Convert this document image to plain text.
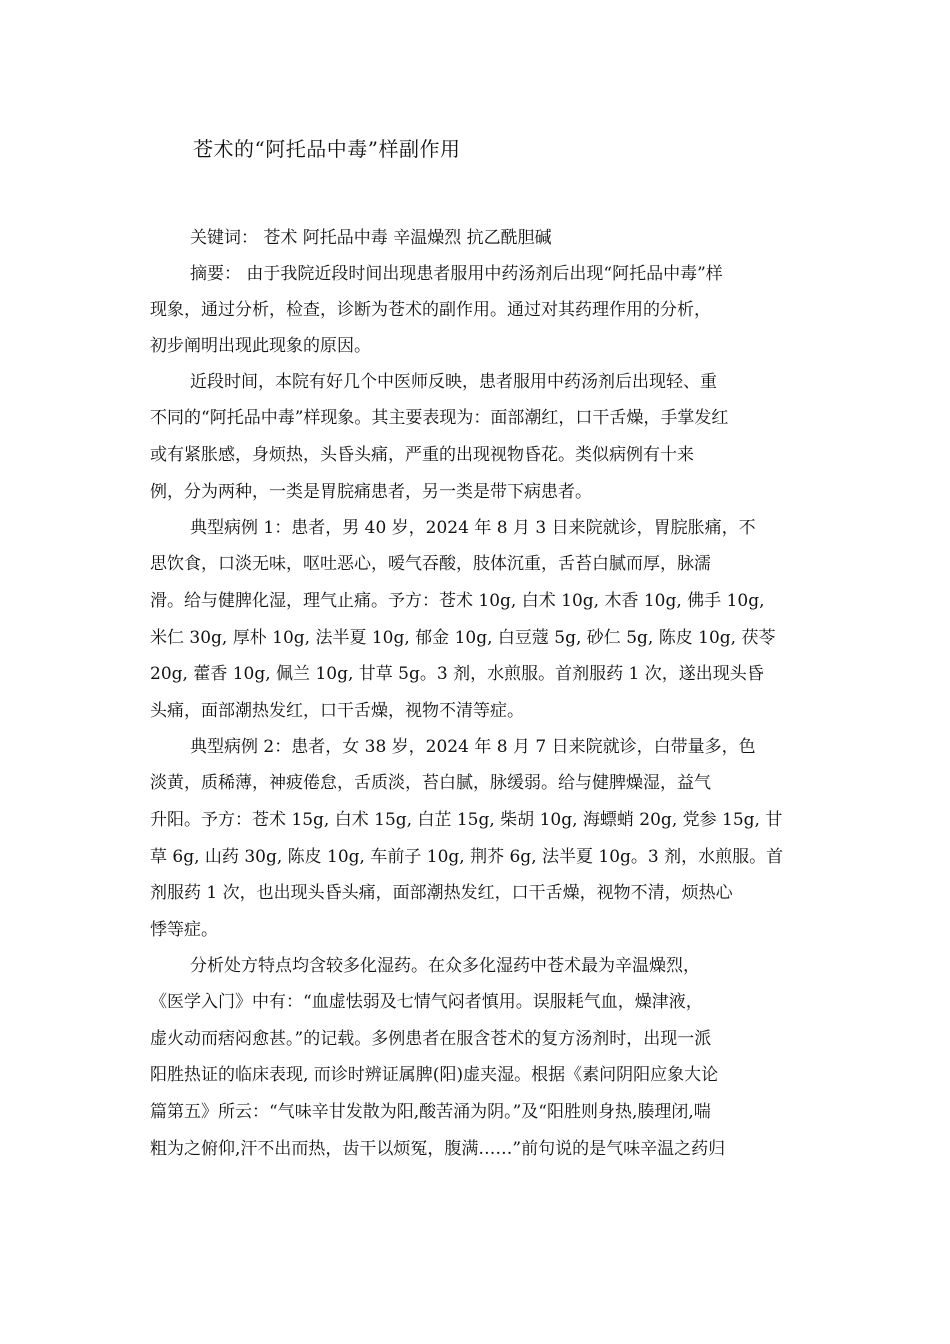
苍术的“阿托品中毒”样副作用
关键词： 苍术 阿托品中毒 辛温燥烈 抗乙酰胆碱
摘要： 由于我院近段时间出现患者服用中药汤剂后出现“阿托品中毒”样
现象，通过分析，检查，诊断为苍术的副作用。通过对其药理作用的分析，
初步阐明出现此现象的原因。
近段时间，本院有好几个中医师反映，患者服用中药汤剂后出现轻、重
不同的“阿托品中毒”样现象。其主要表现为：面部潮红，口干舌燥，手掌发红
或有紧胀感，身烦热，头昏头痛，严重的出现视物昏花。类似病例有十来
例，分为两种，一类是胃脘痛患者，另一类是带下病患者。
典型病例 1：患者，男 40 岁，2024 年 8 月 3 日来院就诊，胃脘胀痛，不
思饮食，口淡无味，呕吐恶心，嗳气吞酸，肢体沉重，舌苔白腻而厚，脉濡
滑。给与健脾化湿，理气止痛。予方：苍术 10g, 白术 10g, 木香 10g, 佛手 10g,
米仁 30g, 厚朴 10g, 法半夏 10g, 郁金 10g, 白豆蔻 5g, 砂仁 5g, 陈皮 10g, 茯苓
20g, 藿香 10g, 佩兰 10g, 甘草 5g。3 剂，水煎服。首剂服药 1 次，遂出现头昏
头痛，面部潮热发红，口干舌燥，视物不清等症。
典型病例 2：患者，女 38 岁，2024 年 8 月 7 日来院就诊，白带量多，色
淡黄，质稀薄，神疲倦怠，舌质淡，苔白腻，脉缓弱。给与健脾燥湿，益气
升阳。予方：苍术 15g, 白术 15g, 白芷 15g, 柴胡 10g, 海螵蛸 20g, 党参 15g, 甘
草 6g, 山药 30g, 陈皮 10g, 车前子 10g, 荆芥 6g, 法半夏 10g。3 剂，水煎服。首
剂服药 1 次，也出现头昏头痛，面部潮热发红，口干舌燥，视物不清，烦热心
悸等症。
分析处方特点均含较多化湿药。在众多化湿药中苍术最为辛温燥烈，
《医学入门》中有：“血虚怯弱及七情气闷者慎用。误服耗气血，燥津液，
虚火动而痞闷愈甚。”的记载。多例患者在服含苍术的复方汤剂时，出现一派
阳胜热证的临床表现, 而诊时辨证属脾(阳)虚夹湿。根据《素问阴阳应象大论
篇第五》所云：“气味辛甘发散为阳,酸苦涌为阴。”及“阳胜则身热,腠理闭,喘
粗为之俯仰,汗不出而热，齿干以烦冤，腹满……”前句说的是气味辛温之药归
